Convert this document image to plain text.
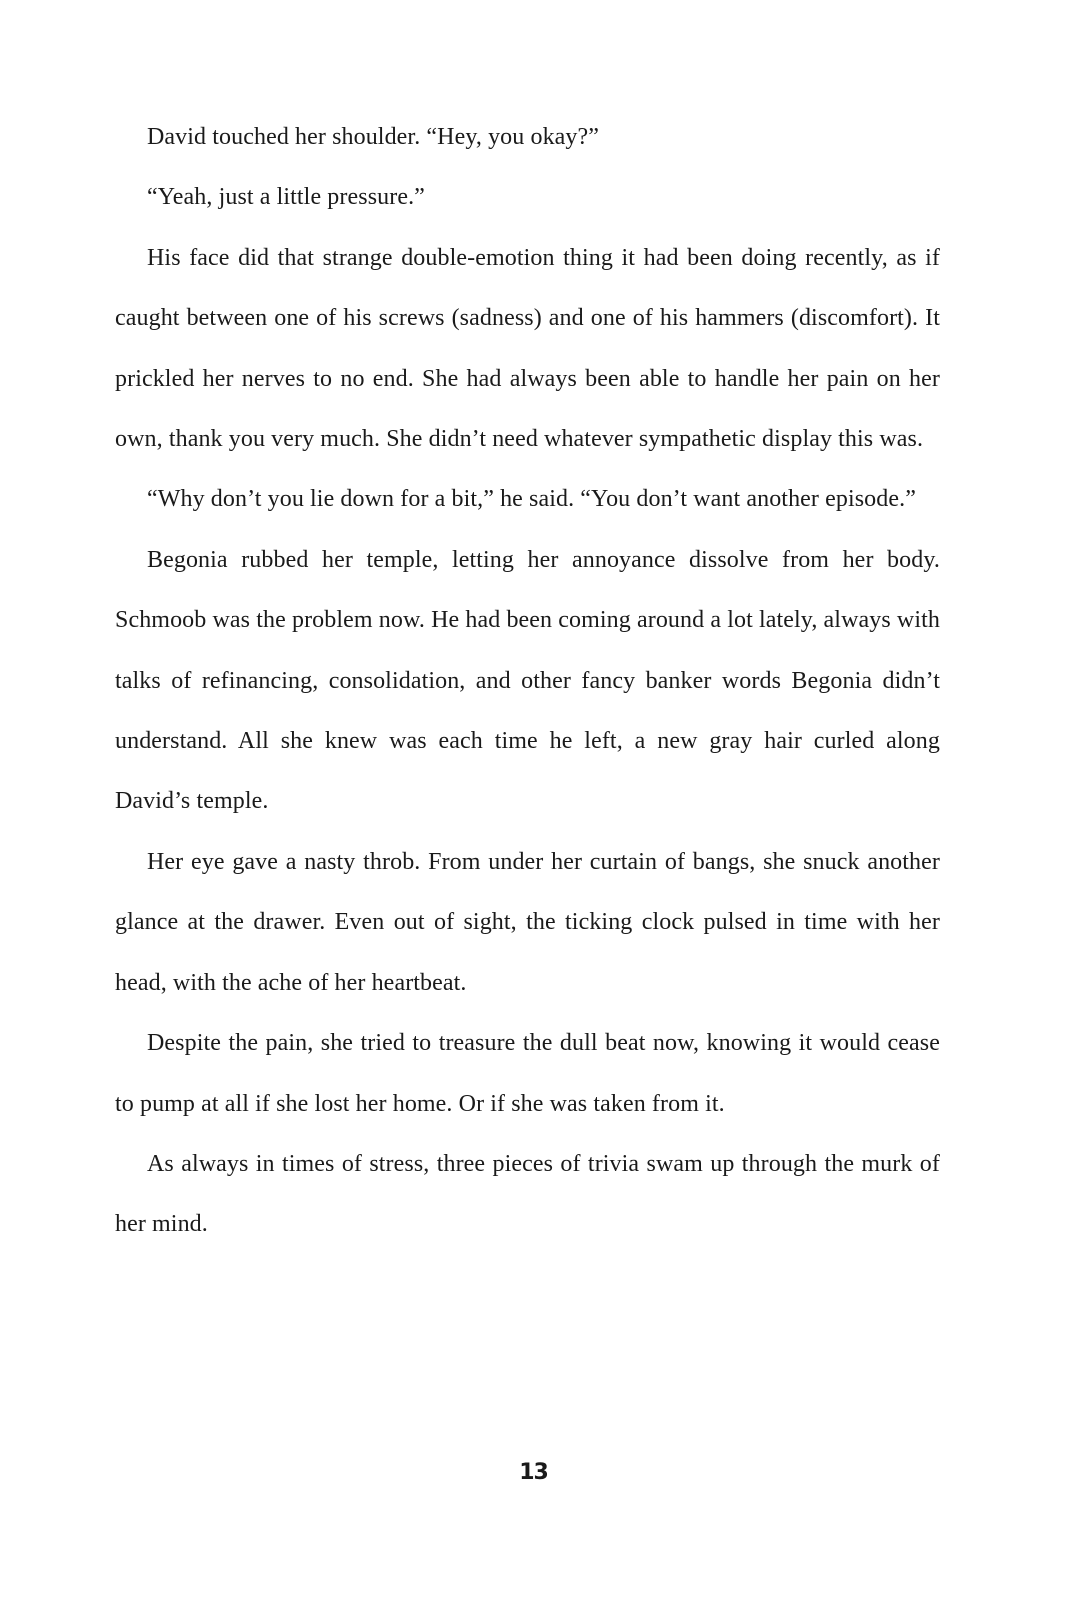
David touched her shoulder. “Hey, you okay?”

“Yeah, just a little pressure.”

His face did that strange double-emotion thing it had been doing recently, as if caught between one of his screws (sadness) and one of his hammers (discomfort). It prickled her nerves to no end. She had always been able to handle her pain on her own, thank you very much. She didn’t need whatever sympathetic display this was.

“Why don’t you lie down for a bit,” he said. “You don’t want another episode.”

Begonia rubbed her temple, letting her annoyance dissolve from her body. Schmoob was the problem now. He had been coming around a lot lately, always with talks of refinancing, consolidation, and other fancy banker words Begonia didn’t understand. All she knew was each time he left, a new gray hair curled along David’s temple.

Her eye gave a nasty throb. From under her curtain of bangs, she snuck another glance at the drawer. Even out of sight, the ticking clock pulsed in time with her head, with the ache of her heartbeat.

Despite the pain, she tried to treasure the dull beat now, knowing it would cease to pump at all if she lost her home. Or if she was taken from it.

As always in times of stress, three pieces of trivia swam up through the murk of her mind.

13
